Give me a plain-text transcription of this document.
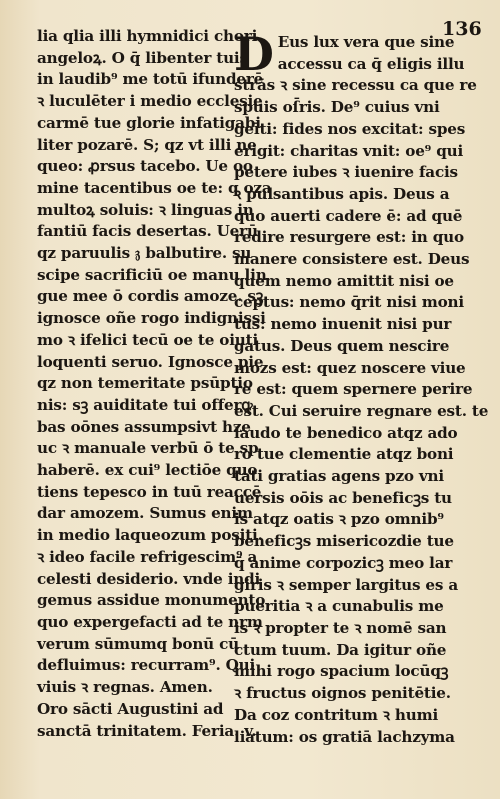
136
lia qlia illi hymnidici chori
angeloꝝ. O q̄ libenter tuis
in laudib⁹ me totū ifunderē
ꝛ luculēter i medio ecclesie
carmē tue glorie infatigabi
liter pozarē. S; qz vt illi ne
queo: ꝓrsus tacebo. Ue oo
mine tacentibus oe te: q oza
multoꝝ soluis: ꝛ linguas in
fantiū facis desertas. Uerū
qz paruulis 𝔷 balbutire. su
scipe sacrificiū oe manu lin
gue mee ō cordis amoze. sꝫ
ignosce oñe rogo indignissi
mo ꝛ ifelici tecū oe te oiuti
loquenti seruo. Ignosce pie
qz non temeritate psūptio
nis: sꝫ auiditate tui offerꝙ
bas oōnes assumpsivt hze
uc ꝛ manuale verbū ō te sp
haberē. ex cui⁹ lectiōe quo
tiens tepesco in tuū reaccē
dar amozem. Sumus enim
in medio laqueozum positi.
ꝛ ideo facile refrigescim⁹ a
celesti desiderio. vnde indi
gemus assidue monumento
quo expergefacti ad te nrm
verum sūmumq bonū cū
defluimus: recurram⁹. Qui
viuis ꝛ regnas. Amen.
Oro sācti Augustini ad
sanctā trinitatem. Feria. v.
D Eus lux vera que sine
accessu ca q̄ eligis illu
strās ꝛ sine recessu ca que re
spuis oſ̄ris. De⁹ cuius vni
geīti: fides nos excitat: spes
erigit: charitas vnit: oe⁹ qui
petere iubes ꝛ iuenire facis
ꝛ pulsantibus apis. Deus a
quo auerti cadere ē: ad quē
redire resurgere est: in quo
manere consistere est. Deus
quem nemo amittit nisi oe
ceptus: nemo q̄rit nisi moni
tus: nemo inuenit nisi pur
gatus. Deus quem nescire
mozs est: quez noscere viue
re est: quem spernere perire
est. Cui seruire regnare est. te
laudo te benedico atqz ado
ro tue clementie atqz boni
tati gratias agens pzo vni
uersis oōis ac beneficꝫs tu
is atqz oatis ꝛ pzo omnib⁹
beneficꝫs misericozdie tue
q̄ anime corpozicꝫ meo lar
giris ꝛ semper largitus es a
pueritia ꝛ a cunabulis me
is ꝛ propter te ꝛ nomē san
ctum tuum. Da igitur oñe
mihi rogo spacium locūqꝫ
ꝛ fructus oignos penitētie.
Da coz contritum ꝛ humi
liatum: os gratiā lachzyma
